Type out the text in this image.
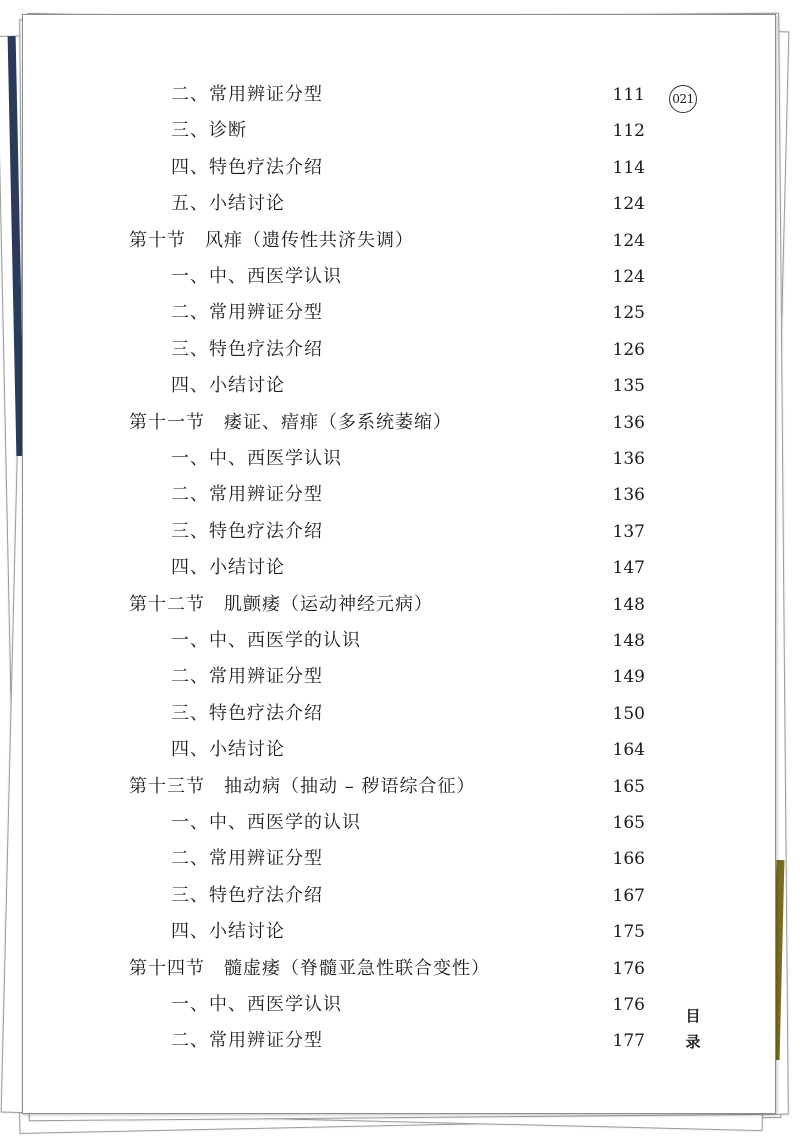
021
二、常用辨证分型	111
三、诊断	112
四、特色疗法介绍	114
五、小结讨论	124
第十节　风痱（遗传性共济失调）	124
一、中、西医学认识	124
二、常用辨证分型	125
三、特色疗法介绍	126
四、小结讨论	135
第十一节　痿证、瘖痱（多系统萎缩）	136
一、中、西医学认识	136
二、常用辨证分型	136
三、特色疗法介绍	137
四、小结讨论	147
第十二节　肌颤痿（运动神经元病）	148
一、中、西医学的认识	148
二、常用辨证分型	149
三、特色疗法介绍	150
四、小结讨论	164
第十三节　抽动病（抽动 – 秽语综合征）	165
一、中、西医学的认识	165
二、常用辨证分型	166
三、特色疗法介绍	167
四、小结讨论	175
第十四节　髓虚痿（脊髓亚急性联合变性）	176
一、中、西医学认识	176
二、常用辨证分型	177
目
录
